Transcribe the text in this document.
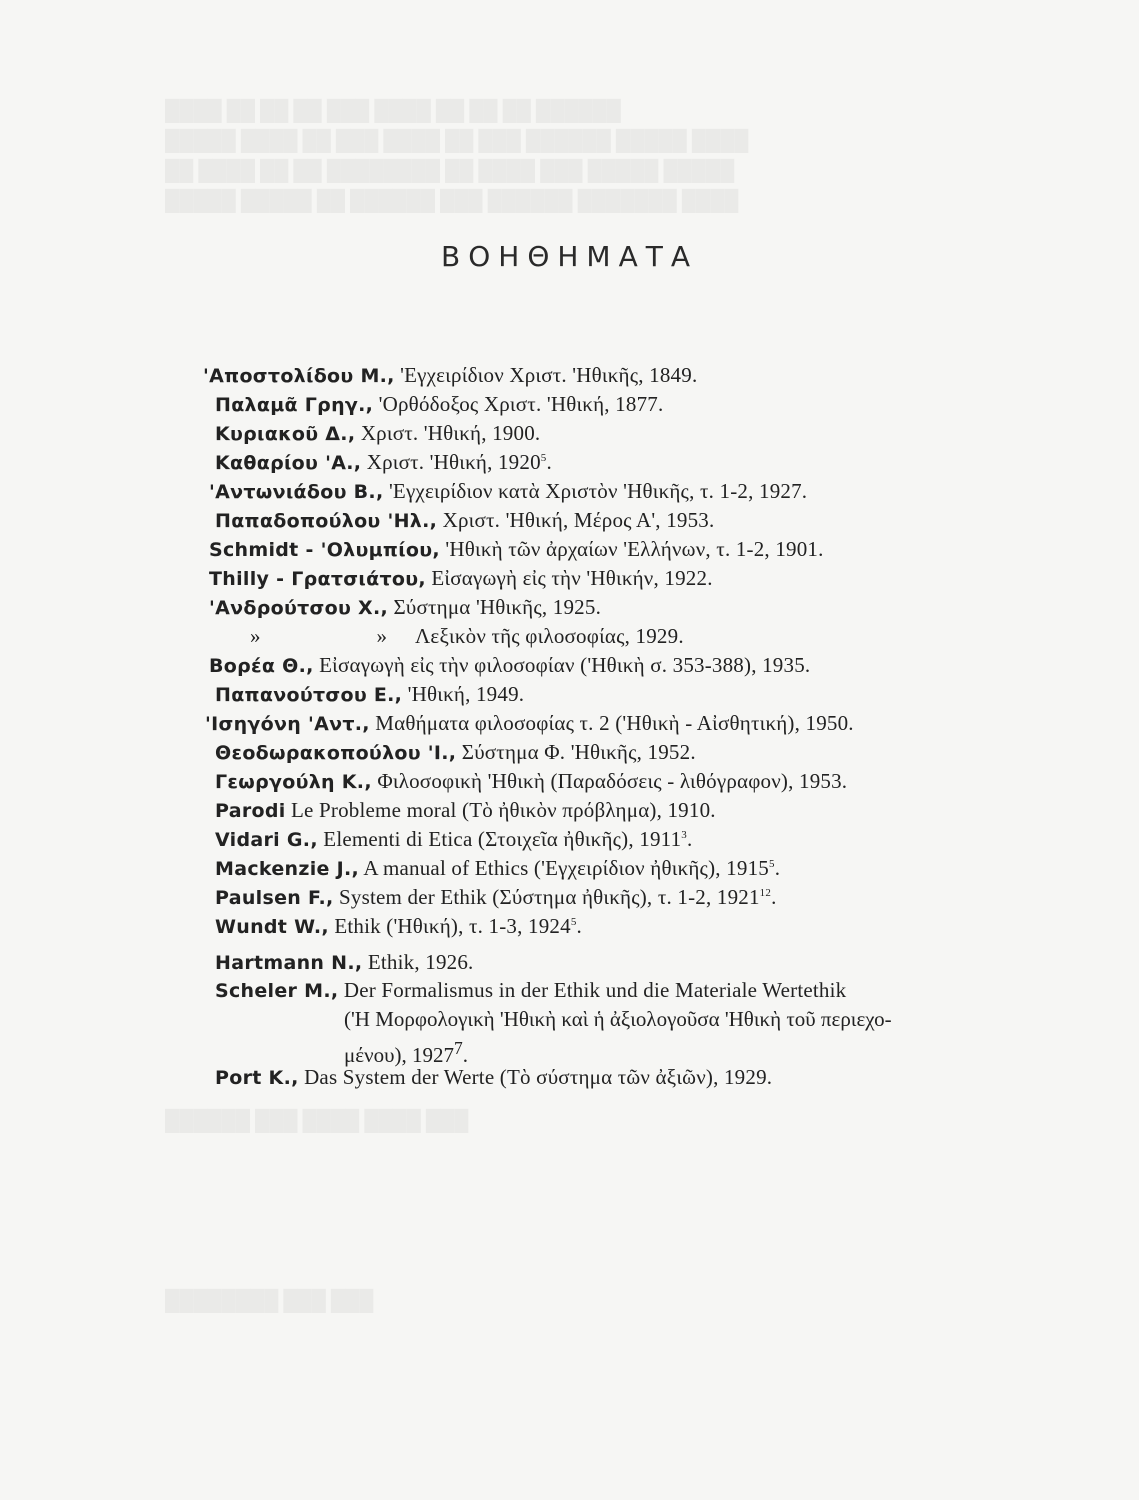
ΒΟΗΘΗΜΑΤΑ
'Αποστολίδου Μ., 'Εγχειρίδιον Χριστ. 'Ηθικῆς, 1849.
Παλαμᾶ Γρηγ., 'Ορθόδοξος Χριστ. 'Ηθική, 1877.
Κυριακοῦ Δ., Χριστ. 'Ηθική, 1900.
Καθαρίου 'Α., Χριστ. 'Ηθική, 1920$^5$.
'Αντωνιάδου Β., 'Εγχειρίδιον κατὰ Χριστὸν 'Ηθικῆς, τ. 1-2, 1927.
Παπαδοπούλου 'Ηλ., Χριστ. 'Ηθική, Μέρος Α', 1953.
Schmidt - 'Ολυμπίου, 'Ηθικὴ τῶν ἀρχαίων 'Ελλήνων, τ. 1-2, 1901.
Thilly - Γρατσιάτου, Εἰσαγωγὴ εἰς τὴν 'Ηθικήν, 1922.
'Ανδρούτσου Χ., Σύστημα 'Ηθικῆς, 1925.
»	» Λεξικὸν τῆς φιλοσοφίας, 1929.
Βορέα Θ., Εἰσαγωγὴ εἰς τὴν φιλοσοφίαν ('Ηθικὴ σ. 353-388), 1935.
Παπανούτσου Ε., 'Ηθική, 1949.
'Ισηγόνη 'Αντ., Μαθήματα φιλοσοφίας τ. 2 ('Ηθικὴ - Αἰσθητική), 1950.
Θεοδωρακοπούλου 'Ι., Σύστημα Φ. 'Ηθικῆς, 1952.
Γεωργούλη Κ., Φιλοσοφικὴ 'Ηθικὴ (Παραδόσεις - λιθόγραφον), 1953.
Parodi Le Probleme moral (Τὸ ἠθικὸν πρόβλημα), 1910.
Vidari G., Elementi di Etica (Στοιχεῖα ἠθικῆς), 1911$^3$.
Mackenzie J., A manual of Ethics ('Εγχειρίδιον ἠθικῆς), 1915$^5$.
Paulsen F., System der Ethik (Σύστημα ἠθικῆς), τ. 1-2, 1921$^{12}$.
Wundt W., Ethik ('Ηθική), τ. 1-3, 1924$^5$.
Hartmann N., Ethik, 1926.
Scheler M., Der Formalismus in der Ethik und die Materiale Wertethik
('Η Μορφολογικὴ 'Ηθικὴ καὶ ἡ ἀξιολογοῦσα 'Ηθικὴ τοῦ περιεχο-
μένου), 1927$^7$.
Port K., Das System der Werte (Τὸ σύστημα τῶν ἀξιῶν), 1929.
